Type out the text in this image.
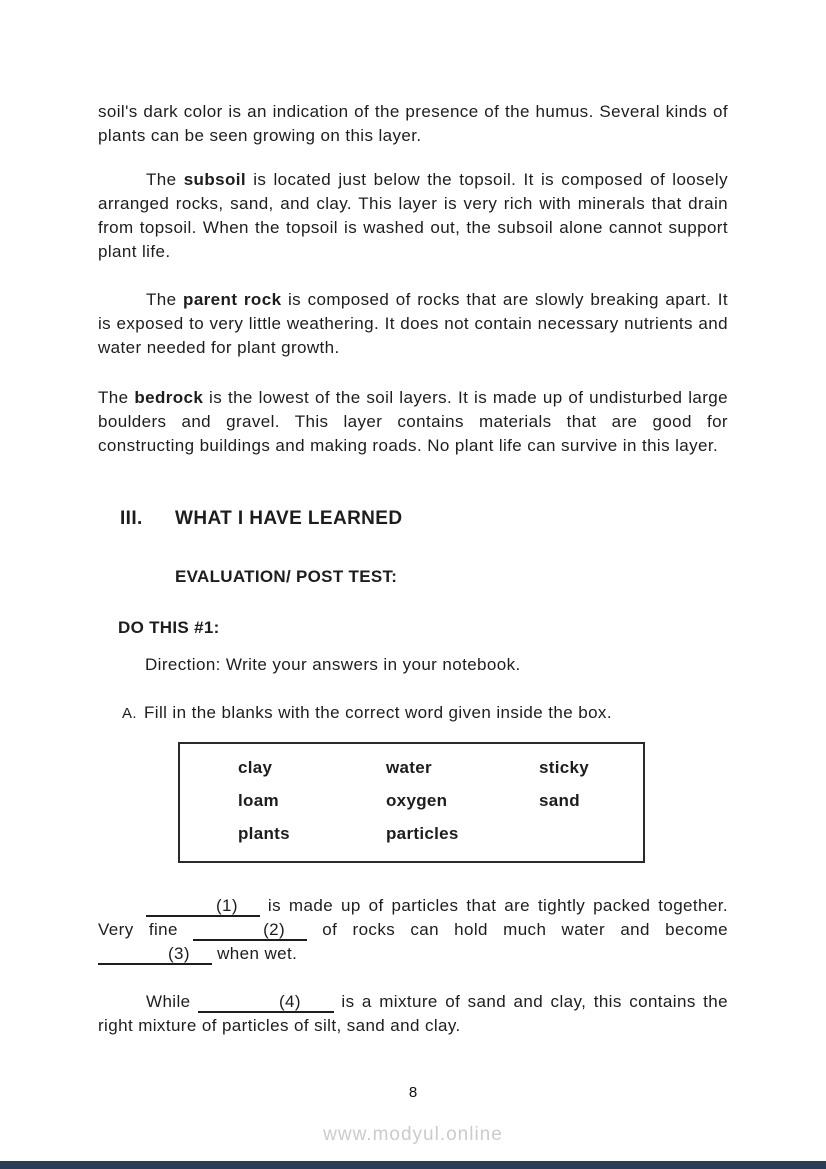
soil's dark color is an indication of the presence of the humus. Several kinds of plants can be seen growing on this layer.

The subsoil is located just below the topsoil. It is composed of loosely arranged rocks, sand, and clay. This layer is very rich with minerals that drain from topsoil. When the topsoil is washed out, the subsoil alone cannot support plant life.

The parent rock is composed of rocks that are slowly breaking apart. It is exposed to very little weathering. It does not contain necessary nutrients and water needed for plant growth.

The bedrock is the lowest of the soil layers. It is made up of undisturbed large boulders and gravel. This layer contains materials that are good for constructing buildings and making roads. No plant life can survive in this layer.

III.	WHAT I HAVE LEARNED
EVALUATION/ POST TEST:
DO THIS #1:
Direction: Write your answers in your notebook.
A. Fill in the blanks with the correct word given inside the box.
clay	water	sticky
loam	oxygen	sand
plants	particles

(1) is made up of particles that are tightly packed together. Very fine	(2) of rocks can hold much water and become (3) when wet.

While	(4) is a mixture of sand and clay, this contains the right mixture of particles of silt, sand and clay.

8
www.modyul.online
